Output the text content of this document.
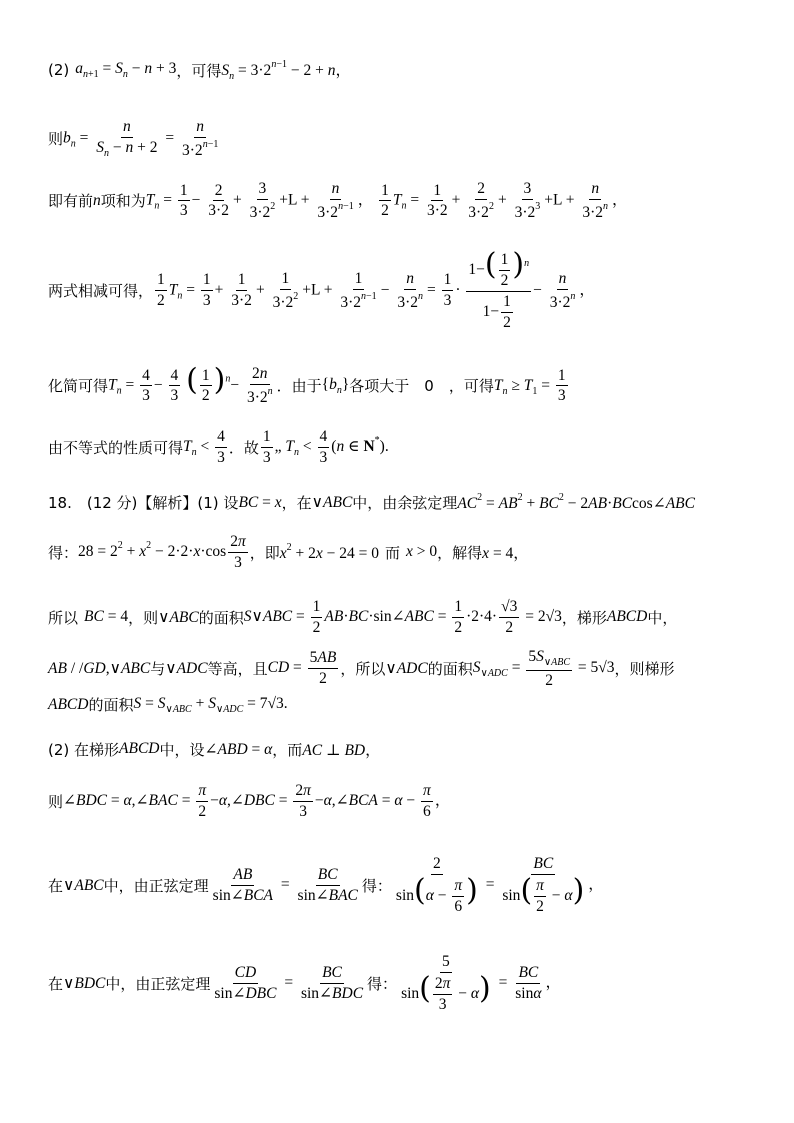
(2) $a_{n+1} = S_n - n + 3$ ，可得 $S_n = 3\cdot 2^{n-1} - 2 + n$，
则 $b_n = \frac{n}{S_n - n + 2} = \frac{n}{3\cdot 2^{n-1}}$
即有前 n 项和为 $T_n = \frac{1}{3} - \frac{2}{3\cdot 2} + \frac{3}{3\cdot 2^2} +L + \frac{n}{3\cdot 2^{n-1}}$ ， $\frac{1}{2} T_n = \frac{1}{3\cdot 2} + \frac{2}{3\cdot 2^2} + \frac{3}{3\cdot 2^3} +L + \frac{n}{3\cdot 2^n}$ ，
两式相减可得， $\frac{1}{2} T_n = \frac{1}{3} + \frac{1}{3\cdot 2} + \frac{1}{3\cdot 2^2} +L + \frac{1}{3\cdot 2^{n-1}} - \frac{n}{3\cdot 2^n} = \frac{1}{3} \cdot \frac{1-( \frac{1}{2} )^n}{1- \frac{1}{2}} - \frac{n}{3\cdot 2^n}$ ，
化简可得 $T_n = \frac{4}{3} - \frac{4}{3}$ ( $\frac{1}{2} )^n- \frac{2n}{3\cdot 2^n}$ ．由于 $\{b_n\}$ 各项大于　0　，可得 $T_n \ge T_1 = \frac{1}{3}$
由不等式的性质可得 $T_n < \frac{4}{3}$ ．故 $\frac{1}{3}$ „ $T_n < \frac{4}{3} (n$ ∈ N*).
18.　(12 分)【解析】(1) 设 BC = x ，在 ∨ABC 中，由余弦定理 $AC^2 = AB^2 + BC^2$ − 2AB·BCcos∠ABC
得： $28 = 2^2 + x^2 - 2\cdot 2\cdot x\cdot\cos \frac{2\pi}{3}$ ，即 $x^2 + 2x - 24 = 0$ 而 x > 0 ，解得 x = 4，
所以 BC = 4 ，则 ∨ABC 的面积 S∨ABC = $\frac{1}{2}$ AB·BC·sin∠ABC = $\frac{1}{2} \cdot 2\cdot 4\cdot \frac{√3}{2} = 2√3$ ，梯形 ABCD 中，
AB / /GD,∨ABC 与 ∨ADC 等高，且 CD = $\frac{5AB}{2}$ ，所以 ∨ADC 的面积 $S_{\vee ADC} = \frac{5S_{\vee ABC}}{2} = 5√3$ ，则梯形
ABCD 的面积 $S = S_{\vee ABC} + S_{\vee ADC} = 7√3$.
(2) 在梯形 ABCD 中，设 ∠ABD = α ，而 AC ⊥ BD，
则 ∠BDC = α,∠BAC = $\frac{\pi}{2}$ −α,∠DBC = $\frac{2\pi}{3}$ −α,∠BCA = $\alpha - \frac{\pi}{6}$ ，
在 ∨ABC 中，由正弦定理 $\frac{AB}{\text{sin∠BCA}} = \frac{BC}{\text{sin∠BAC}}$ 得： $\frac{2}{\sin(\alpha - \frac{\pi}{6} )} = \frac{BC}{\sin( \frac{\pi}{2} - \alpha)}$ ，
在 ∨BDC 中，由正弦定理 $\frac{CD}{\text{sin∠DBC}} = \frac{BC}{\text{sin∠BDC}}$ 得： $\frac{5}{\sin( \frac{2\pi}{3} - \alpha)} = \frac{BC}{\sin\alpha}$ ，
